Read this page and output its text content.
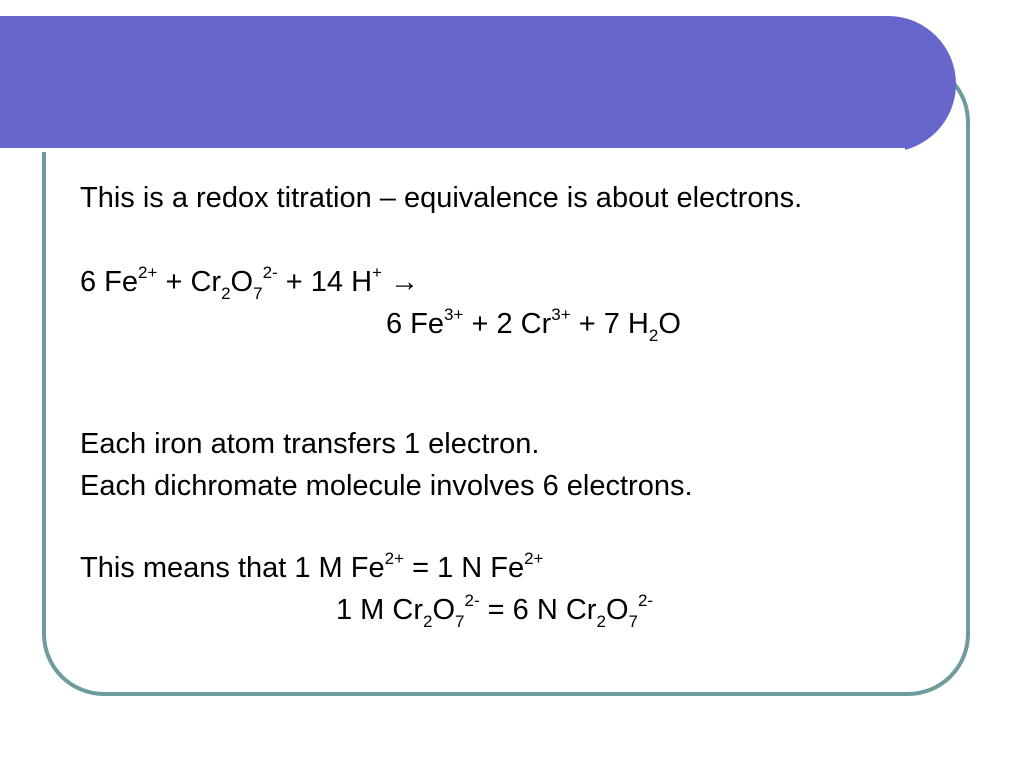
This is a redox titration – equivalence is about electrons.
6 $Fe^{2+} + Cr_2O_7^{2-} + 14$ H+ →
6 $Fe^{3+} + 2$ $Cr^{3+} + 7$ $H_2O$
Each iron atom transfers 1 electron.
Each dichromate molecule involves 6 electrons.
This means that 1 M $Fe^{2+} = 1$ N $Fe^{2+}$
1 M $Cr_2O_7^{2-} = 6$ N $Cr_2O_7^{2-}$
